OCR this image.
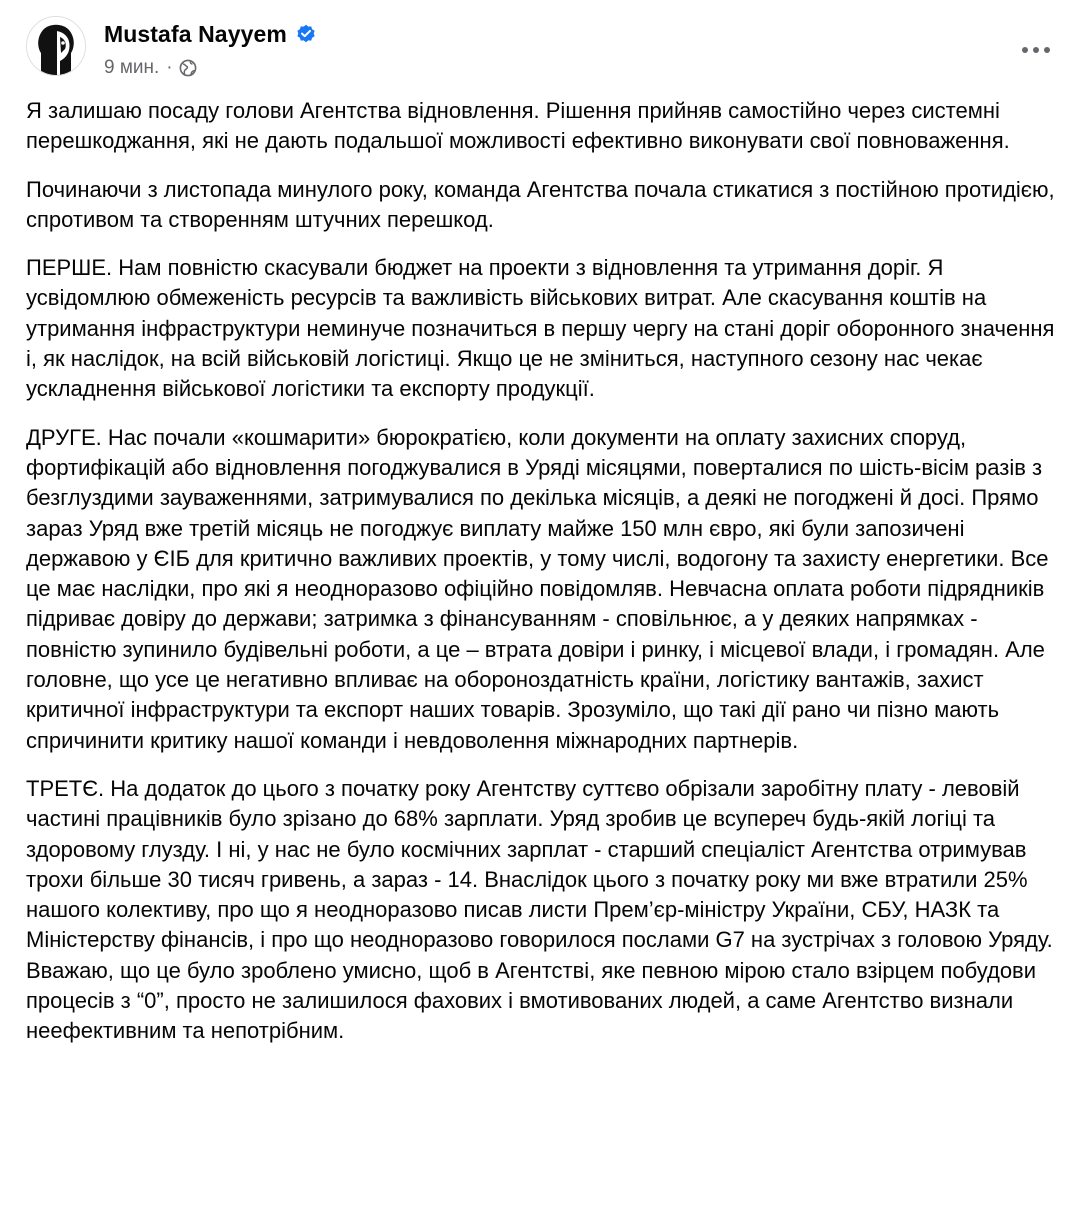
Mustafa Nayyem
9 мин. ·

Я залишаю посаду голови Агентства відновлення. Рішення прийняв самостійно через системні перешкоджання, які не дають подальшої можливості ефективно виконувати свої повноваження.

Починаючи з листопада минулого року, команда Агентства почала стикатися з постійною протидією, спротивом та створенням штучних перешкод.

ПЕРШЕ. Нам повністю скасували бюджет на проекти з відновлення та утримання доріг. Я усвідомлюю обмеженість ресурсів та важливість військових витрат. Але скасування коштів на утримання інфраструктури неминуче позначиться в першу чергу на стані доріг оборонного значення і, як наслідок, на всій військовій логістиці. Якщо це не зміниться, наступного сезону нас чекає ускладнення військової логістики та експорту продукції.

ДРУГЕ. Нас почали «кошмарити» бюрократією, коли документи на оплату захисних споруд, фортифікацій або відновлення погоджувалися в Уряді місяцями, поверталися по шість-вісім разів з безглуздими зауваженнями, затримувалися по декілька місяців, а деякі не погоджені й досі. Прямо зараз Уряд вже третій місяць не погоджує виплату майже 150 млн євро, які були запозичені державою у ЄІБ для критично важливих проектів, у тому числі, водогону та захисту енергетики. Все це має наслідки, про які я неодноразово офіційно повідомляв. Невчасна оплата роботи підрядників підриває довіру до держави; затримка з фінансуванням - сповільнює, а у деяких напрямках - повністю зупинило будівельні роботи, а це – втрата довіри і ринку, і місцевої влади, і громадян. Але головне, що усе це негативно впливає на обороноздатність країни, логістику вантажів, захист критичної інфраструктури та експорт наших товарів. Зрозуміло, що такі дії рано чи пізно мають спричинити критику нашої команди і невдоволення міжнародних партнерів.

ТРЕТЄ. На додаток до цього з початку року Агентству суттєво обрізали заробітну плату - левовій частині працівників було зрізано до 68% зарплати. Уряд зробив це всупереч будь-якій логіці та здоровому глузду. І ні, у нас не було космічних зарплат - старший спеціаліст Агентства отримував трохи більше 30 тисяч гривень, а зараз - 14. Внаслідок цього з початку року ми вже втратили 25% нашого колективу, про що я неодноразово писав листи Прем’єр-міністру України, СБУ, НАЗК та Міністерству фінансів, і про що неодноразово говорилося послами G7 на зустрічах з головою Уряду. Вважаю, що це було зроблено умисно, щоб в Агентстві, яке певною мірою стало взірцем побудови процесів з “0”, просто не залишилося фахових і вмотивованих людей, а саме Агентство визнали неефективним та непотрібним.
